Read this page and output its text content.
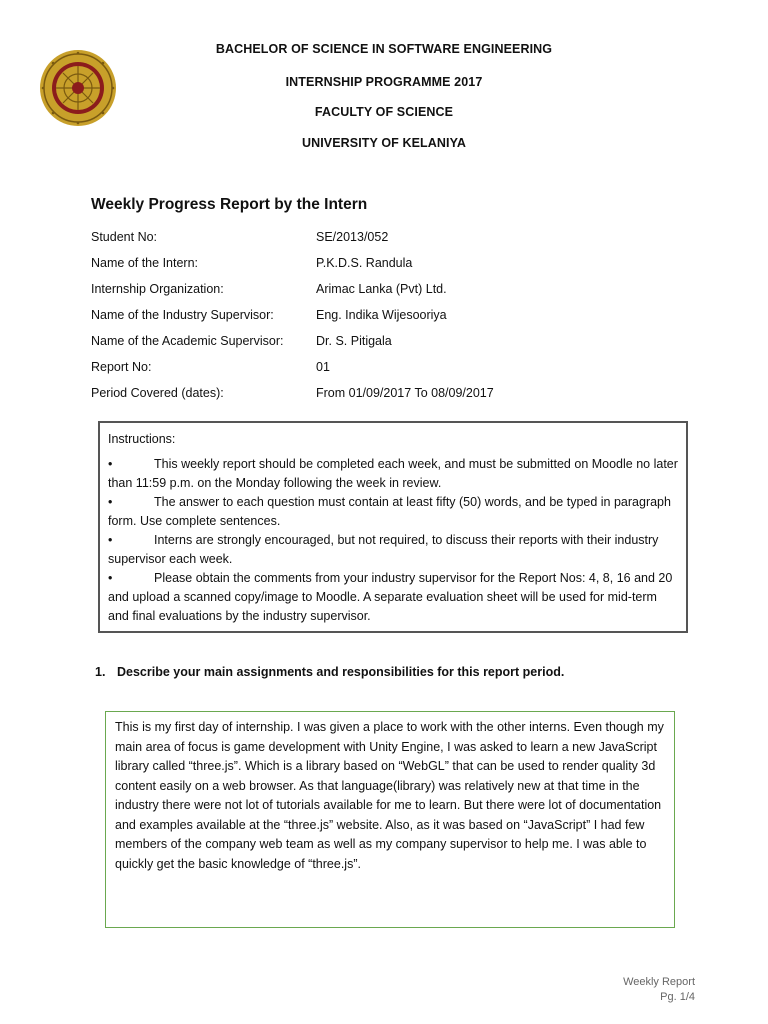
BACHELOR OF SCIENCE IN SOFTWARE ENGINEERING
INTERNSHIP PROGRAMME 2017
FACULTY OF SCIENCE
UNIVERSITY OF KELANIYA
Weekly Progress Report by the Intern
Student No:	SE/2013/052
Name of the Intern:	P.K.D.S. Randula
Internship Organization:	Arimac Lanka (Pvt) Ltd.
Name of the Industry Supervisor:	Eng. Indika Wijesooriya
Name of the Academic Supervisor:	Dr. S. Pitigala
Report No:	01
Period Covered (dates):	From 01/09/2017 To 08/09/2017
Instructions:
•	This weekly report should be completed each week, and must be submitted on Moodle no later than 11:59 p.m. on the Monday following the week in review.
•	The answer to each question must contain at least fifty (50) words, and be typed in paragraph form. Use complete sentences.
•	Interns are strongly encouraged, but not required, to discuss their reports with their industry supervisor each week.
•	Please obtain the comments from your industry supervisor for the Report Nos: 4, 8, 16 and 20 and upload a scanned copy/image to Moodle. A separate evaluation sheet will be used for mid-term and final evaluations by the industry supervisor.
1. Describe your main assignments and responsibilities for this report period.
This is my first day of internship. I was given a place to work with the other interns. Even though my main area of focus is game development with Unity Engine, I was asked to learn a new JavaScript library called “three.js”. Which is a library based on “WebGL” that can be used to render quality 3d content easily on a web browser. As that language(library) was relatively new at that time in the industry there were not lot of tutorials available for me to learn. But there were lot of documentation and examples available at the “three.js” website. Also, as it was based on “JavaScript” I had few members of the company web team as well as my company supervisor to help me. I was able to quickly get the basic knowledge of “three.js”.
Weekly Report
Pg. 1/4
